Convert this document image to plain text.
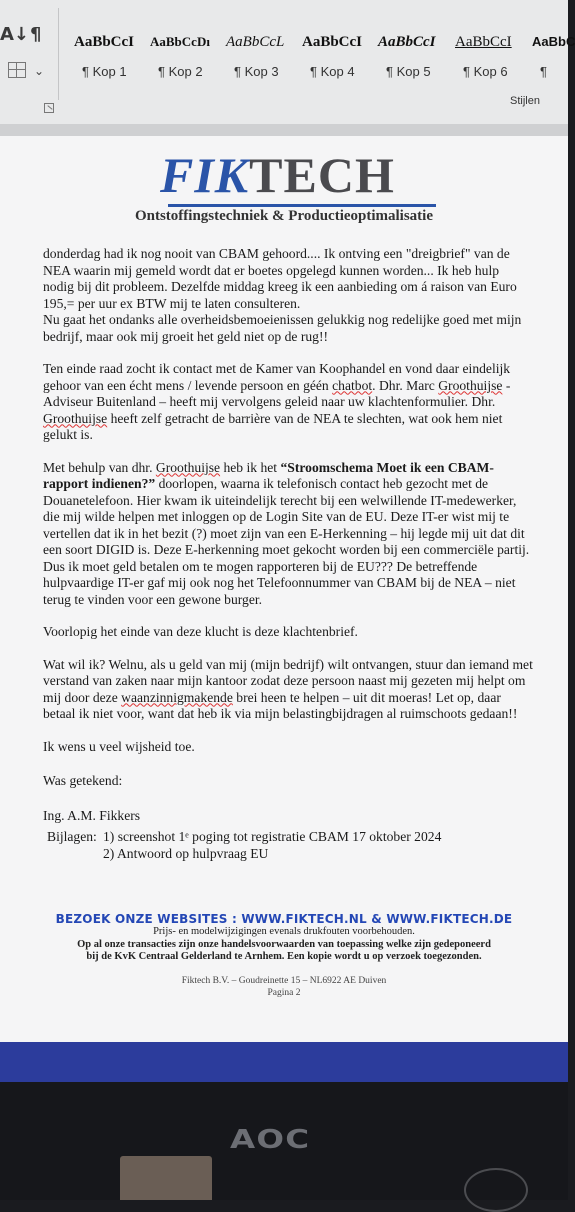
A↓ ¶
⌄
AaBbCcI
¶ Kop 1
AaBbCcDı
¶ Kop 2
AaBbCcL
¶ Kop 3
AaBbCcI
¶ Kop 4
AaBbCcI
¶ Kop 5
AaBbCcI
¶ Kop 6
AaBbC
¶
Stijlen
FIKTECH
Ontstoffingstechniek & Productieoptimalisatie

donderdag had ik nog nooit van CBAM gehoord.... Ik ontving een "dreigbrief" van de NEA waarin mij gemeld wordt dat er boetes opgelegd kunnen worden... Ik heb hulp nodig bij dit probleem. Dezelfde middag kreeg ik een aanbieding om á raison van Euro 195,= per uur ex BTW mij te laten consulteren.
Nu gaat het ondanks alle overheidsbemoeienissen gelukkig nog redelijke goed met mijn bedrijf, maar ook mij groeit het geld niet op de rug!!

Ten einde raad zocht ik contact met de Kamer van Koophandel en vond daar eindelijk gehoor van een écht mens / levende persoon en géén chatbot. Dhr. Marc Groothuijse - Adviseur Buitenland – heeft mij vervolgens geleid naar uw klachtenformulier. Dhr. Groothuijse heeft zelf getracht de barrière van de NEA te slechten, wat ook hem niet gelukt is.

Met behulp van dhr. Groothuijse heb ik het “Stroomschema Moet ik een CBAM-rapport indienen?” doorlopen, waarna ik telefonisch contact heb gezocht met de Douanetelefoon. Hier kwam ik uiteindelijk terecht bij een welwillende IT-medewerker, die mij wilde helpen met inloggen op de Login Site van de EU. Deze IT-er wist mij te vertellen dat ik in het bezit (?) moet zijn van een E-Herkenning – hij legde mij uit dat dit een soort DIGID is. Deze E-herkenning moet gekocht worden bij een commerciële partij. Dus ik moet geld betalen om te mogen rapporteren bij de EU??? De betreffende hulpvaardige IT-er gaf mij ook nog het Telefoonnummer van CBAM bij de NEA – niet terug te vinden voor een gewone burger.

Voorlopig het einde van deze klucht is deze klachtenbrief.

Wat wil ik? Welnu, als u geld van mij (mijn bedrijf) wilt ontvangen, stuur dan iemand met verstand van zaken naar mijn kantoor zodat deze persoon naast mij gezeten mij helpt om mij door deze waanzinnigmakende brei heen te helpen – uit dit moeras! Let op, daar betaal ik niet voor, want dat heb ik via mijn belastingbijdragen al ruimschoots gedaan!!

Ik wens u veel wijsheid toe.

Was getekend:

Ing. A.M. Fikkers

Bijlagen: 1) screenshot 1ᵉ poging tot registratie CBAM 17 oktober 2024
2) Antwoord op hulpvraag EU
BEZOEK ONZE WEBSITES : WWW.FIKTECH.NL & WWW.FIKTECH.DE
Prijs- en modelwijzigingen evenals drukfouten voorbehouden.
Op al onze transacties zijn onze handelsvoorwaarden van toepassing welke zijn gedeponeerd
bij de KvK Centraal Gelderland te Arnhem. Een kopie wordt u op verzoek toegezonden.
Fiktech B.V. – Goudreinette 15 – NL6922 AE Duiven
Pagina 2
AOC
